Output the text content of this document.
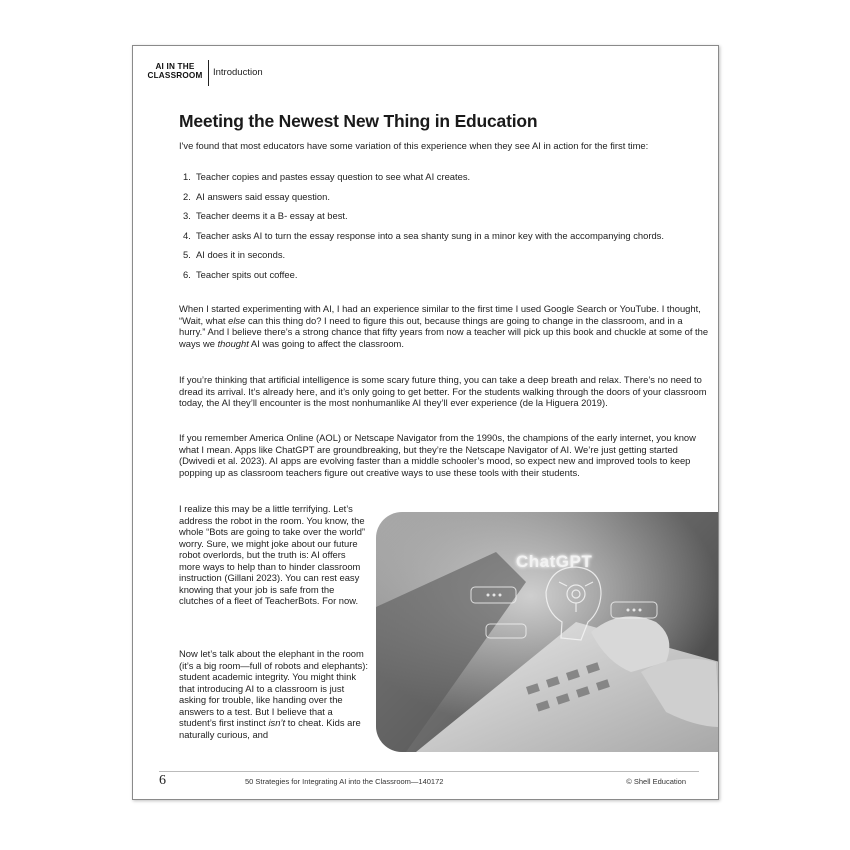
AI IN THE
CLASSROOM	Introduction
Meeting the Newest New Thing in Education

I've found that most educators have some variation of this experience when they see AI in action for the first time:

1. Teacher copies and pastes essay question to see what AI creates.
2. AI answers said essay question.
3. Teacher deems it a B- essay at best.
4. Teacher asks AI to turn the essay response into a sea shanty sung in a minor key with the accompanying chords.
5. AI does it in seconds.
6. Teacher spits out coffee.

When I started experimenting with AI, I had an experience similar to the first time I used Google Search or YouTube. I thought, “Wait, what else can this thing do? I need to figure this out, because things are going to change in the classroom, and in a hurry.” And I believe there’s a strong chance that fifty years from now a teacher will pick up this book and chuckle at some of the ways we thought AI was going to affect the classroom.

If you’re thinking that artificial intelligence is some scary future thing, you can take a deep breath and relax. There’s no need to dread its arrival. It’s already here, and it’s only going to get better. For the students walking through the doors of your classroom today, the AI they’ll encounter is the most nonhumanlike AI they’ll ever experience (de la Higuera 2019).

If you remember America Online (AOL) or Netscape Navigator from the 1990s, the champions of the early internet, you know what I mean. Apps like ChatGPT are groundbreaking, but they’re the Netscape Navigator of AI. We’re just getting started (Dwivedi et al. 2023). AI apps are evolving faster than a middle schooler’s mood, so expect new and improved tools to keep popping up as classroom teachers figure out creative ways to use these tools with their students.

I realize this may be a little terrifying. Let’s address the robot in the room. You know, the whole “Bots are going to take over the world” worry. Sure, we might joke about our future robot overlords, but the truth is: AI offers more ways to help than to hinder classroom instruction (Gillani 2023). You can rest easy knowing that your job is safe from the clutches of a fleet of TeacherBots. For now.

Now let’s talk about the elephant in the room (it’s a big room—full of robots and elephants): student academic integrity. You might think that introducing AI to a classroom is just asking for trouble, like handing over the answers to a test. But I believe that a student’s first instinct isn’t to cheat. Kids are naturally curious, and

ChatGPT
6	50 Strategies for Integrating AI into the Classroom—140172	© Shell Education
